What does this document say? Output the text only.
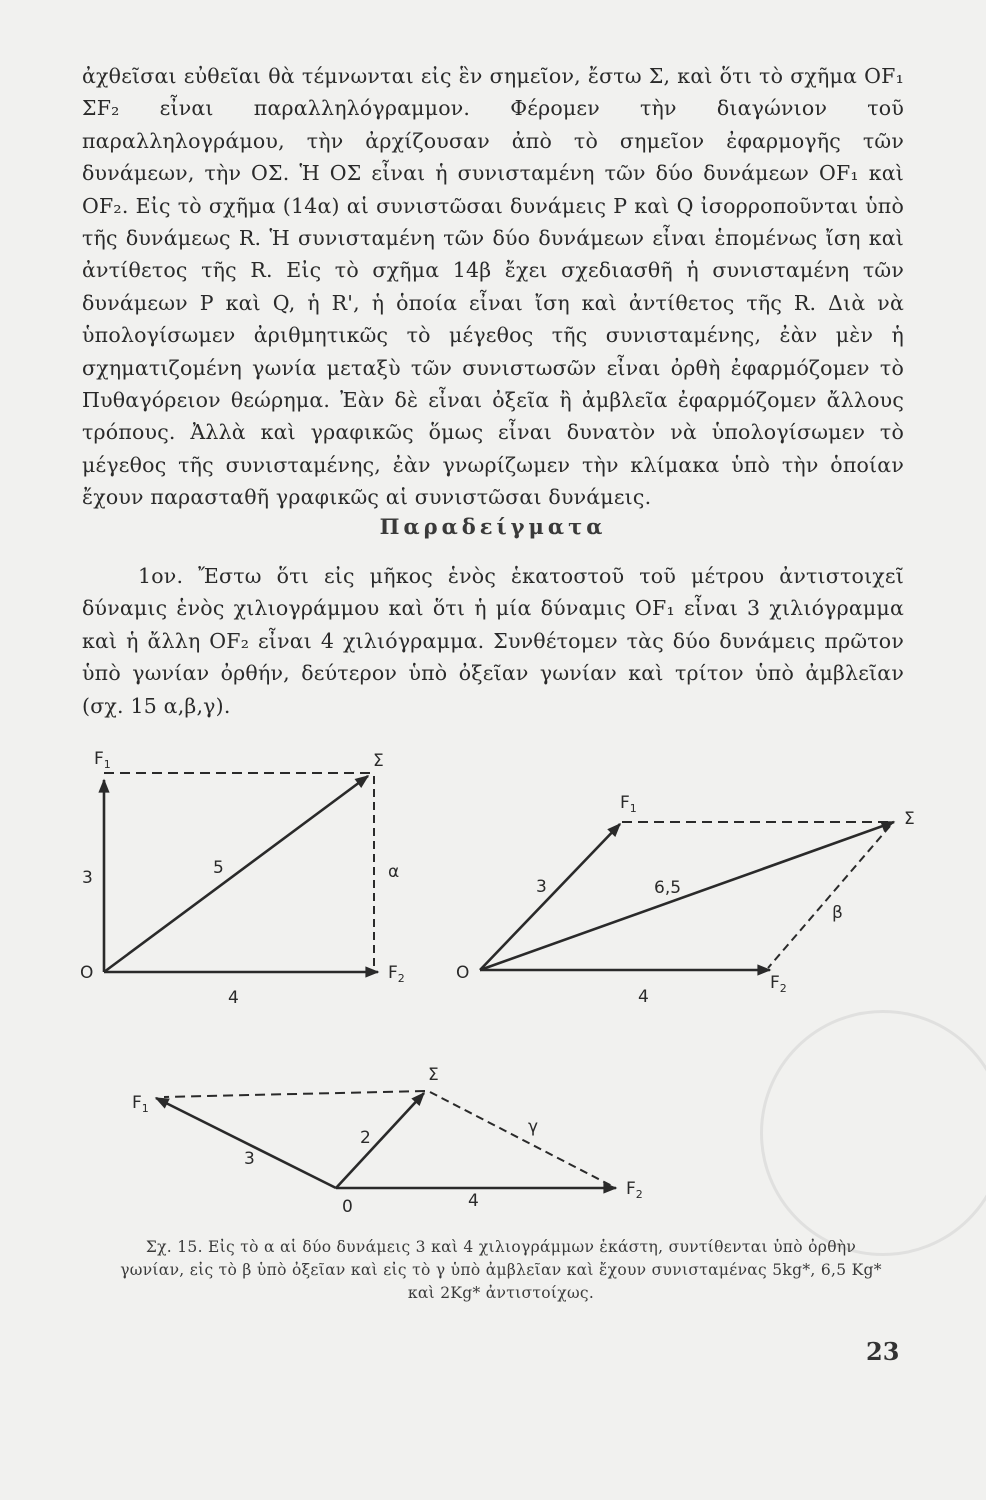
ἀχθεῖσαι εὐθεῖαι θὰ τέμνωνται εἰς ἓν σημεῖον, ἔστω Σ, καὶ ὅτι τὸ σχῆμα OF₁ ΣF₂ εἶναι παραλληλόγραμμον. Φέρομεν τὴν διαγώνιον τοῦ παραλληλογράμου, τὴν ἀρχίζουσαν ἀπὸ τὸ σημεῖον ἐφαρμογῆς τῶν δυνάμεων, τὴν ΟΣ. Ἡ ΟΣ εἶναι ἡ συνισταμένη τῶν δύο δυνάμεων OF₁ καὶ OF₂. Εἰς τὸ σχῆμα (14α) αἱ συνιστῶσαι δυνάμεις P καὶ Q ἰσορροποῦνται ὑπὸ τῆς δυνάμεως R. Ἡ συνισταμένη τῶν δύο δυνάμεων εἶναι ἑπομένως ἴση καὶ ἀντίθετος τῆς R. Εἰς τὸ σχῆμα 14β ἔχει σχεδιασθῆ ἡ συνισταμένη τῶν δυνάμεων P καὶ Q, ἡ R', ἡ ὁποία εἶναι ἴση καὶ ἀντίθετος τῆς R. Διὰ νὰ ὑπολογίσωμεν ἀριθμητικῶς τὸ μέγεθος τῆς συνισταμένης, ἐὰν μὲν ἡ σχηματιζομένη γωνία μεταξὺ τῶν συνιστωσῶν εἶναι ὀρθὴ ἐφαρμόζομεν τὸ Πυθαγόρειον θεώρημα. Ἐὰν δὲ εἶναι ὀξεῖα ἢ ἀμβλεῖα ἐφαρμόζομεν ἄλλους τρόπους. Ἀλλὰ καὶ γραφικῶς ὅμως εἶναι δυνατὸν νὰ ὑπολογίσωμεν τὸ μέγεθος τῆς συνισταμένης, ἐὰν γνωρίζωμεν τὴν κλίμακα ὑπὸ τὴν ὁποίαν ἔχουν παρασταθῆ γραφικῶς αἱ συνιστῶσαι δυνάμεις.

Παραδείγματα

1ον. Ἔστω ὅτι εἰς μῆκος ἑνὸς ἑκατοστοῦ τοῦ μέτρου ἀντιστοιχεῖ δύναμις ἑνὸς χιλιογράμμου καὶ ὅτι ἡ μία δύναμις OF₁ εἶναι 3 χιλιόγραμμα καὶ ἡ ἄλλη OF₂ εἶναι 4 χιλιόγραμμα. Συνθέτομεν τὰς δύο δυνάμεις πρῶτον ὑπὸ γωνίαν ὀρθήν, δεύτερον ὑπὸ ὀξεῖαν γωνίαν καὶ τρίτον ὑπὸ ἀμβλεῖαν (σχ. 15 α,β,γ).

$F_1$	Σ
3	5	α
O
4
$F_2$
$F_1$
Σ
3	6,5
β
O
4
$F_2$
$F_1$
Σ
3
2
γ
0	4
$F_2$
Σχ. 15. Εἰς τὸ α αἱ δύο δυνάμεις 3 καὶ 4 χιλιογράμμων ἑκάστη, συντίθενται ὑπὸ ὀρθὴν γωνίαν, εἰς τὸ β ὑπὸ ὀξεῖαν καὶ εἰς τὸ γ ὑπὸ ἀμβλεῖαν καὶ ἔχουν συνισταμένας 5kg*, 6,5 Kg* καὶ 2Kg* ἀντιστοίχως.
23
